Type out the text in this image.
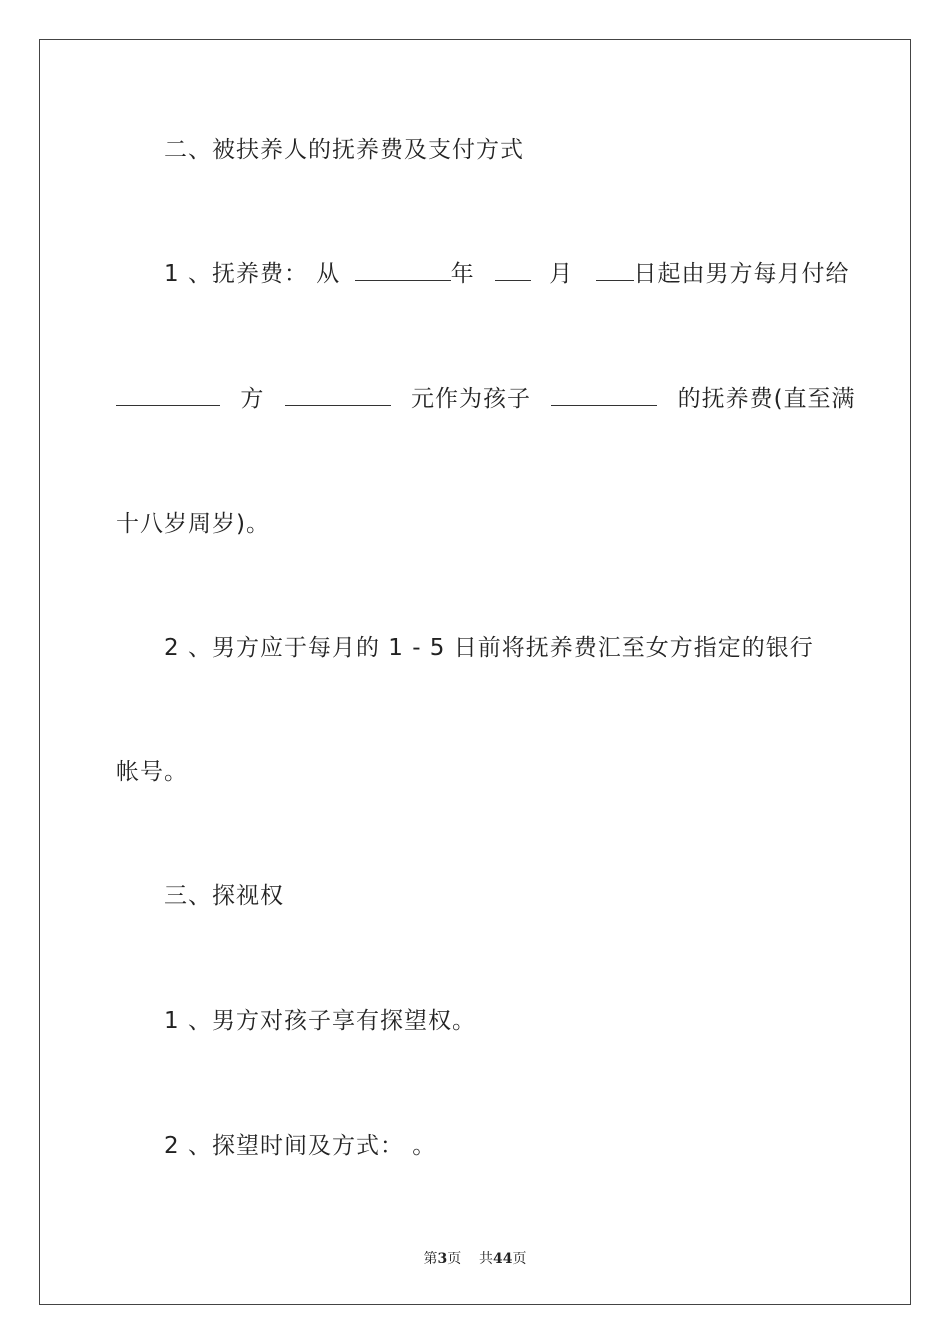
二、被扶养人的抚养费及支付方式
1 、抚养费： 从	年	月	日起由男方每月付给
方	元作为孩子	的抚养费(直至满
十八岁周岁)。
2 、男方应于每月的 1 - 5 日前将抚养费汇至女方指定的银行
帐号。
三、探视权
1 、男方对孩子享有探望权。
2 、探望时间及方式： 。
第3页 共44页
